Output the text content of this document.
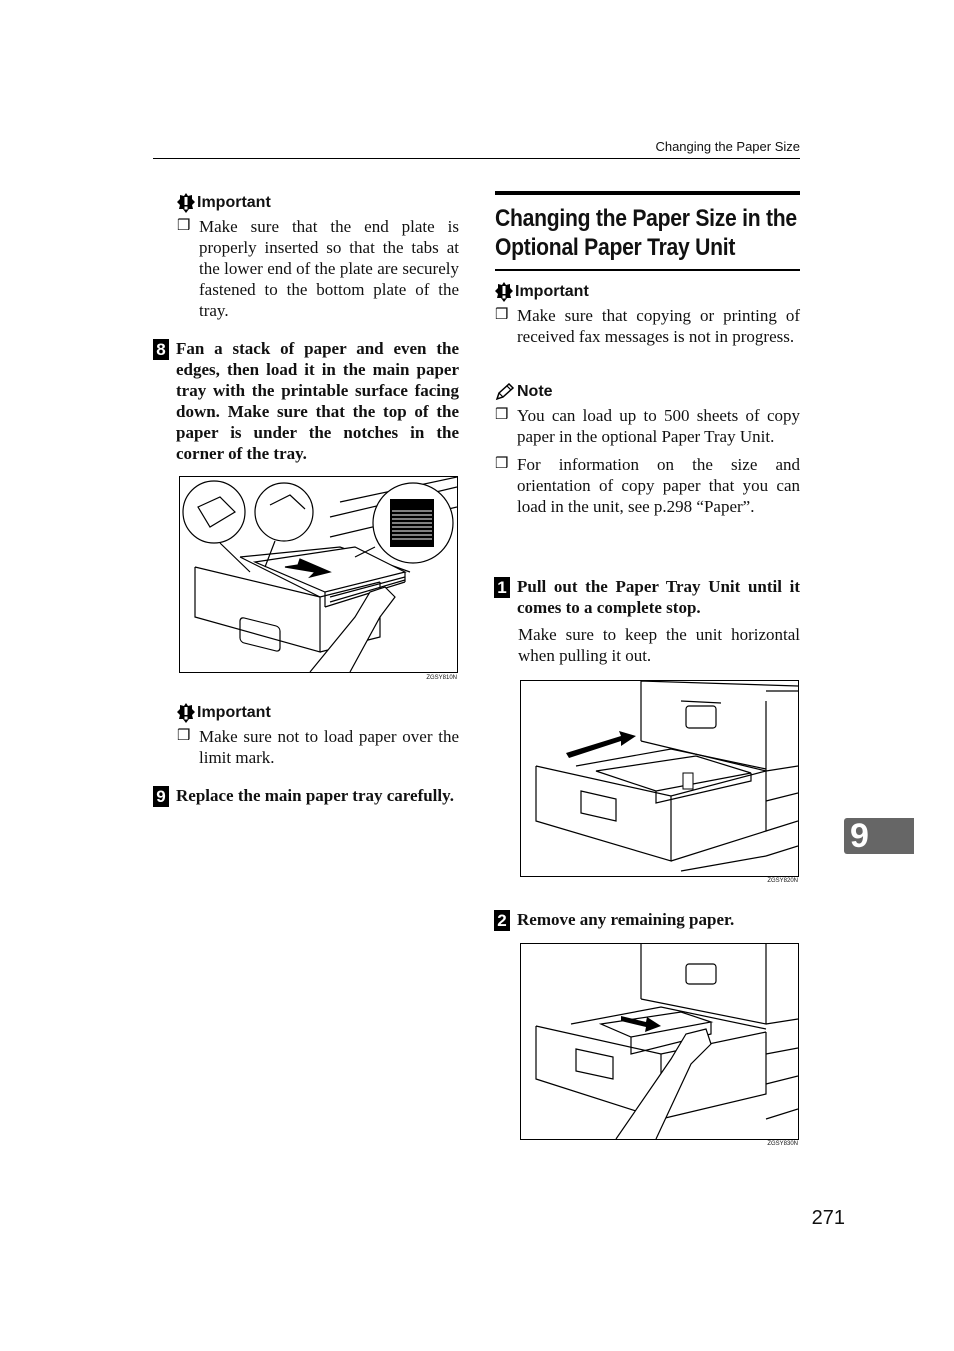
Changing the Paper Size
Important
❒ Make sure that the end plate is properly inserted so that the tabs at the lower end of the plate are securely fastened to the bottom plate of the tray.
8 Fan a stack of paper and even the edges, then load it in the main paper tray with the printable surface facing down. Make sure that the top of the paper is under the notches in the corner of the tray.
ZGSY810N
Important
❒ Make sure not to load paper over the limit mark.
9 Replace the main paper tray carefully.
Changing the Paper Size in the Optional Paper Tray Unit
Important
❒ Make sure that copying or printing of received fax messages is not in progress.
Note
❒ You can load up to 500 sheets of copy paper in the optional Paper Tray Unit.
❒ For information on the size and orientation of copy paper that you can load in the unit, see p.298 “Paper”.
1 Pull out the Paper Tray Unit until it comes to a complete stop.
Make sure to keep the unit horizontal when pulling it out.
ZGSY820N
2 Remove any remaining paper.
ZGSY830N
9
271
